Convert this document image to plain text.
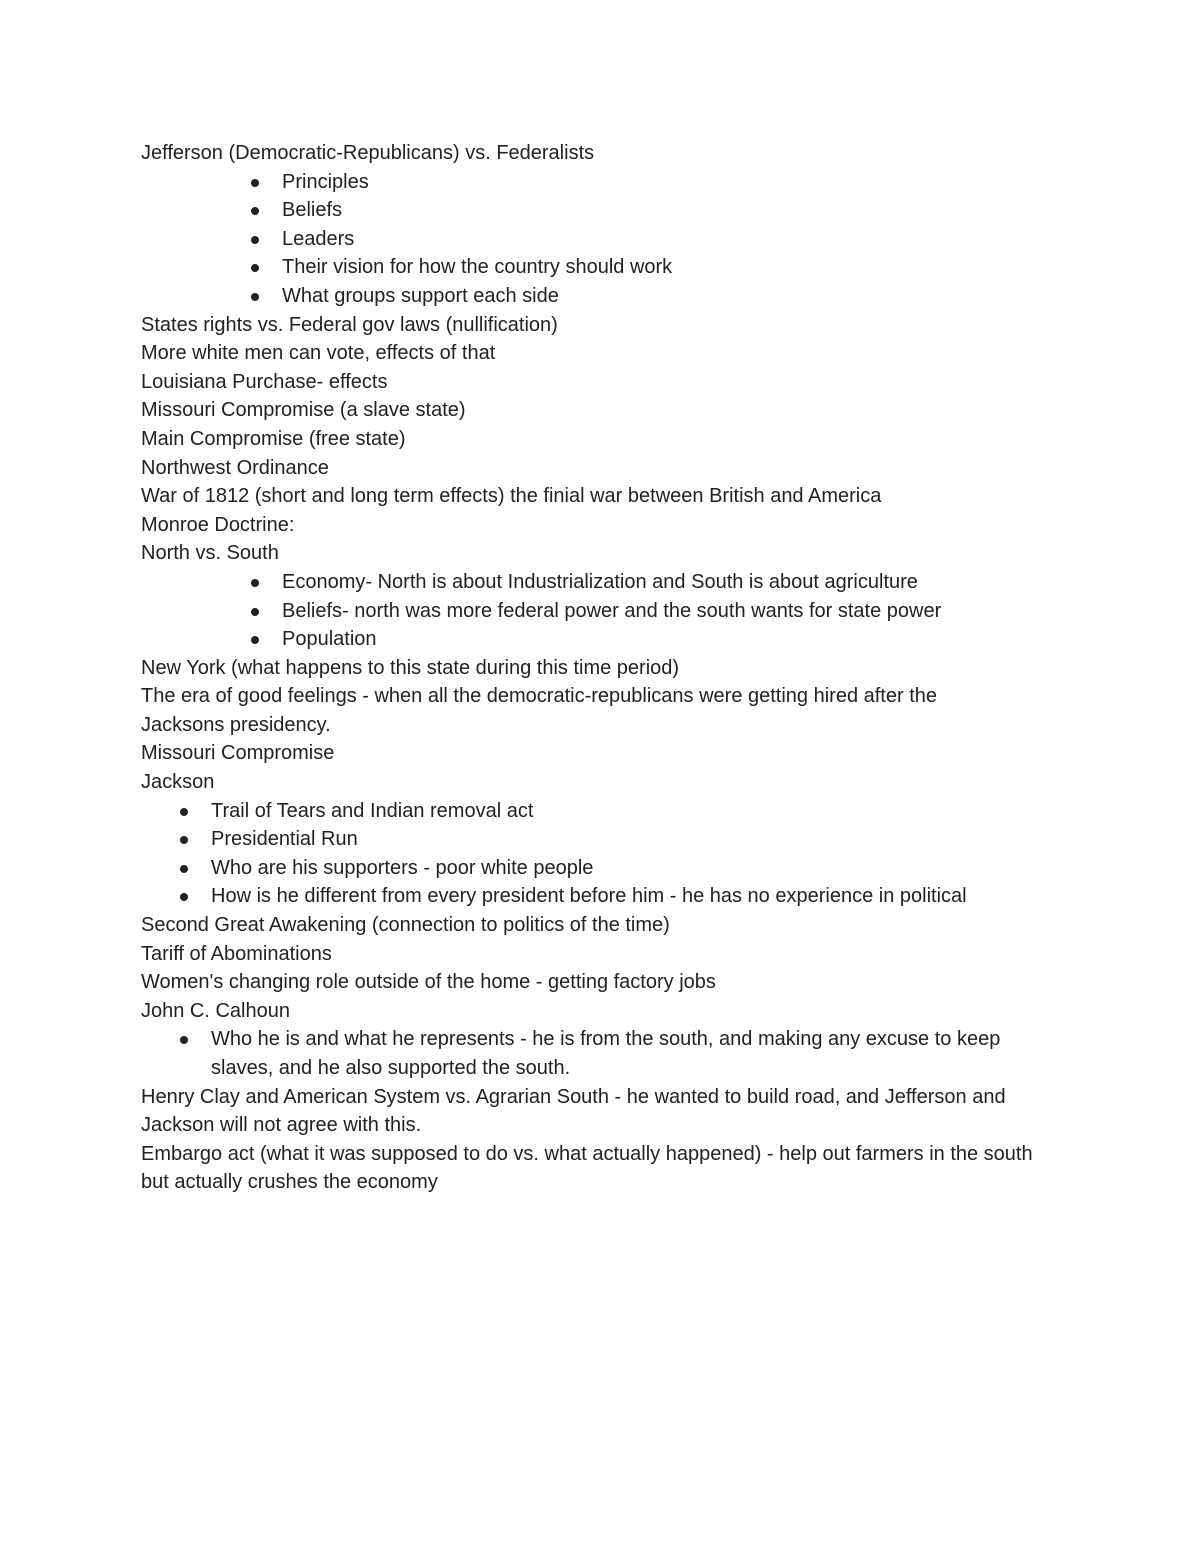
Jefferson (Democratic-Republicans) vs. Federalists
Principles
Beliefs
Leaders
Their vision for how the country should work
What groups support each side
States rights vs. Federal gov laws (nullification)
More white men can vote, effects of that
Louisiana Purchase- effects
Missouri Compromise (a slave state)
Main Compromise (free state)
Northwest Ordinance
War of 1812 (short and long term effects) the finial war between British and America
Monroe Doctrine:
North vs. South
Economy- North is about Industrialization and South is about agriculture
Beliefs- north was more federal power and the south wants for state power
Population
New York (what happens to this state during this time period)
The era of good feelings - when all the democratic-republicans were getting hired after the Jacksons presidency.
Missouri Compromise
Jackson
Trail of Tears and Indian removal act
Presidential Run
Who are his supporters - poor white people
How is he different from every president before him - he has no experience in political
Second Great Awakening (connection to politics of the time)
Tariff of Abominations
Women's changing role outside of the home - getting factory jobs
John C. Calhoun
Who he is and what he represents - he is from the south, and making any excuse to keep slaves, and he also supported the south.
Henry Clay and American System vs. Agrarian South - he wanted to build road, and Jefferson and Jackson will not agree with this.
Embargo act (what it was supposed to do vs. what actually happened) - help out farmers in the south but actually crushes the economy
